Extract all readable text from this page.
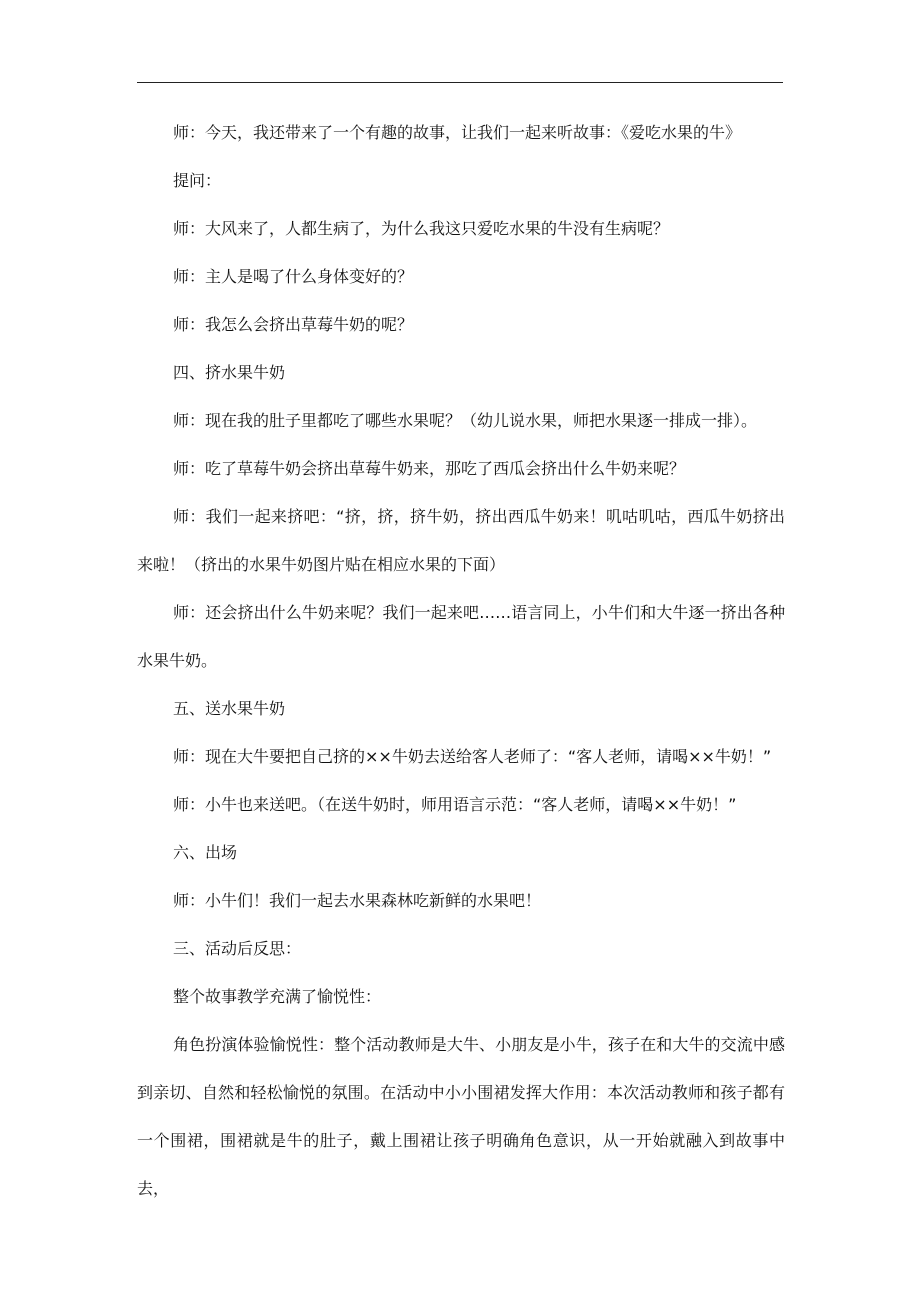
师：今天，我还带来了一个有趣的故事，让我们一起来听故事：《爱吃水果的牛》

提问：

师：大风来了，人都生病了，为什么我这只爱吃水果的牛没有生病呢？

师：主人是喝了什么身体变好的？

师：我怎么会挤出草莓牛奶的呢？

四、挤水果牛奶

师：现在我的肚子里都吃了哪些水果呢？（幼儿说水果，师把水果逐一排成一排）。

师：吃了草莓牛奶会挤出草莓牛奶来，那吃了西瓜会挤出什么牛奶来呢？

师：我们一起来挤吧：“挤，挤，挤牛奶，挤出西瓜牛奶来！叽咕叽咕，西瓜牛奶挤出来啦！（挤出的水果牛奶图片贴在相应水果的下面）

师：还会挤出什么牛奶来呢？我们一起来吧……语言同上，小牛们和大牛逐一挤出各种水果牛奶。

五、送水果牛奶

师：现在大牛要把自己挤的××牛奶去送给客人老师了：“客人老师，请喝××牛奶！”

师：小牛也来送吧。（在送牛奶时，师用语言示范：“客人老师，请喝××牛奶！”

六、出场

师：小牛们！我们一起去水果森林吃新鲜的水果吧！

三、活动后反思：

整个故事教学充满了愉悦性：

角色扮演体验愉悦性：整个活动教师是大牛、小朋友是小牛，孩子在和大牛的交流中感到亲切、自然和轻松愉悦的氛围。在活动中小小围裙发挥大作用：本次活动教师和孩子都有一个围裙，围裙就是牛的肚子，戴上围裙让孩子明确角色意识，从一开始就融入到故事中去，
